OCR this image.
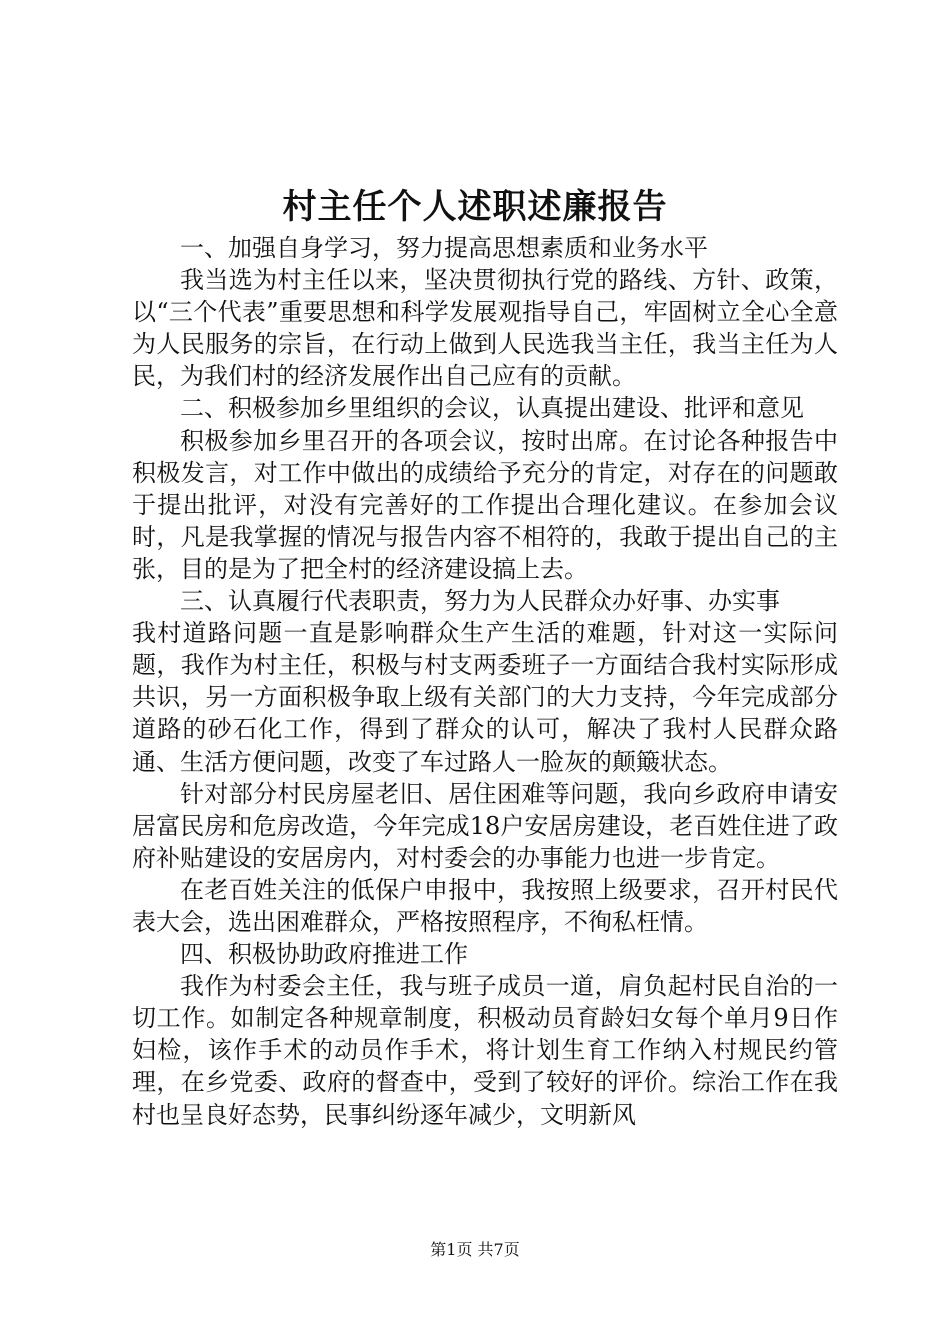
村主任个人述职述廉报告

一、加强自身学习，努力提高思想素质和业务水平

我当选为村主任以来，坚决贯彻执行党的路线、方针、政策，以“三个代表”重要思想和科学发展观指导自己，牢固树立全心全意为人民服务的宗旨，在行动上做到人民选我当主任，我当主任为人民，为我们村的经济发展作出自己应有的贡献。

二、积极参加乡里组织的会议，认真提出建设、批评和意见

积极参加乡里召开的各项会议，按时出席。在讨论各种报告中积极发言，对工作中做出的成绩给予充分的肯定，对存在的问题敢于提出批评，对没有完善好的工作提出合理化建议。在参加会议时，凡是我掌握的情况与报告内容不相符的，我敢于提出自己的主张，目的是为了把全村的经济建设搞上去。

三、认真履行代表职责，努力为人民群众办好事、办实事

我村道路问题一直是影响群众生产生活的难题，针对这一实际问题，我作为村主任，积极与村支两委班子一方面结合我村实际形成共识，另一方面积极争取上级有关部门的大力支持，今年完成部分道路的砂石化工作，得到了群众的认可，解决了我村人民群众路通、生活方便问题，改变了车过路人一脸灰的颠簸状态。

针对部分村民房屋老旧、居住困难等问题，我向乡政府申请安居富民房和危房改造，今年完成18户安居房建设，老百姓住进了政府补贴建设的安居房内，对村委会的办事能力也进一步肯定。

在老百姓关注的低保户申报中，我按照上级要求，召开村民代表大会，选出困难群众，严格按照程序，不徇私枉情。

四、积极协助政府推进工作

我作为村委会主任，我与班子成员一道，肩负起村民自治的一切工作。如制定各种规章制度，积极动员育龄妇女每个单月9日作妇检，该作手术的动员作手术，将计划生育工作纳入村规民约管理，在乡党委、政府的督查中，受到了较好的评价。综治工作在我村也呈良好态势，民事纠纷逐年减少，文明新风

第1页 共7页
